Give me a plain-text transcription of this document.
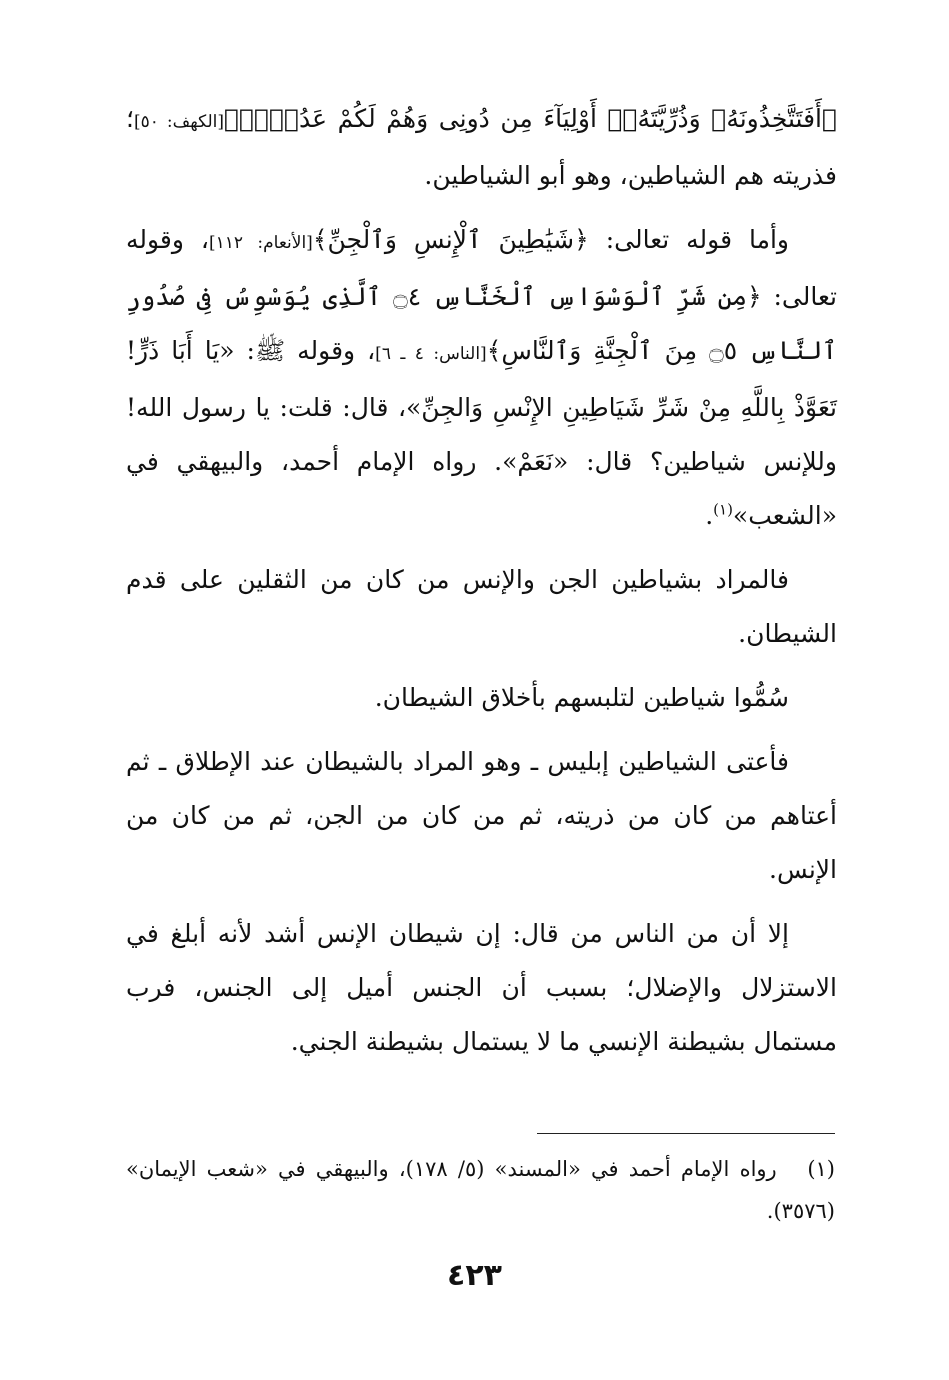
﴿أَفَتَتَّخِذُونَهُۥ وَذُرِّيَّتَهُۥٓ أَوْلِيَآءَ مِن دُونِى وَهُمْ لَكُمْ عَدُوٌّۢ﴾[الكهف: ٥٠]؛ فذريته هم الشياطين، وهو أبو الشياطين.

وأما قوله تعالى: ﴿شَيَٰطِينَ ٱلْإِنسِ وَٱلْجِنِّ﴾[الأنعام: ١١٢]، وقوله تعالى: ﴿مِن شَرِّ ٱلْوَسْوَاسِ ٱلْخَنَّاسِ ۝٤ ٱلَّذِى يُوَسْوِسُ فِى صُدُورِ ٱلنَّاسِ ۝٥ مِنَ ٱلْجِنَّةِ وَٱلنَّاسِ﴾[الناس: ٤ ـ ٦]، وقوله ﷺ: «يَا أَبَا ذَرٍّ! تَعَوَّذْ بِاللَّهِ مِنْ شَرِّ شَيَاطِينِ الإِنْسِ وَالجِنِّ»، قال: قلت: يا رسول الله! وللإنس شياطين؟ قال: «نَعَمْ». رواه الإمام أحمد، والبيهقي في «الشعب»$^{(١)}$.

فالمراد بشياطين الجن والإنس من كان من الثقلين على قدم الشيطان.

سُمُّوا شياطين لتلبسهم بأخلاق الشيطان.

فأعتى الشياطين إبليس ـ وهو المراد بالشيطان عند الإطلاق ـ ثم أعتاهم من كان من ذريته، ثم من كان من الجن، ثم من كان من الإنس.

إلا أن من الناس من قال: إن شيطان الإنس أشد لأنه أبلغ في الاستزلال والإضلال؛ بسبب أن الجنس أميل إلى الجنس، فرب مستمال بشيطنة الإنسي ما لا يستمال بشيطنة الجني.

(١)   رواه الإمام أحمد في «المسند» (٥/ ١٧٨)، والبيهقي في «شعب الإيمان» (٣٥٧٦).
٤٢٣
